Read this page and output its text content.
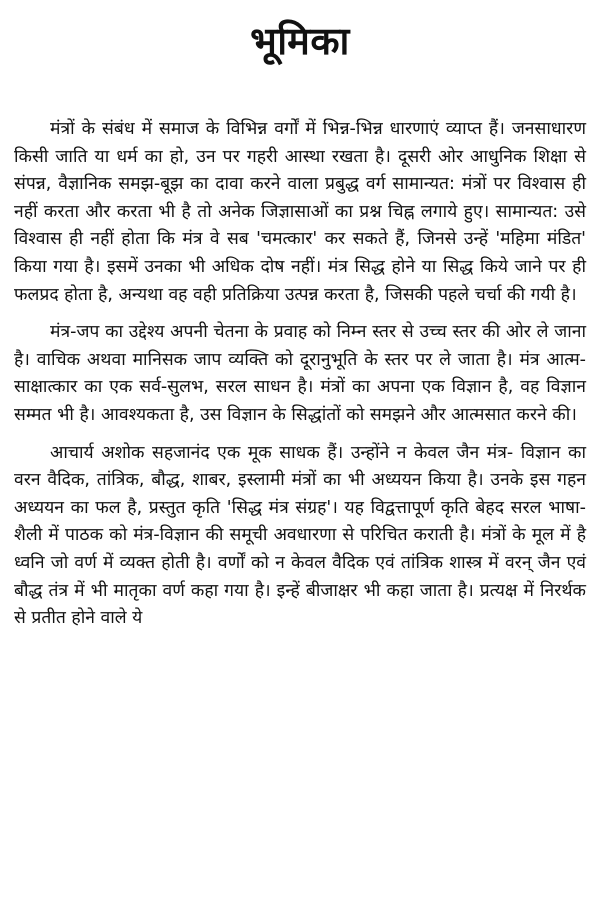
भूमिका

मंत्रों के संबंध में समाज के विभिन्न वर्गों में भिन्न-भिन्न धारणाएं व्याप्त हैं। जनसाधारण किसी जाति या धर्म का हो, उन पर गहरी आस्था रखता है। दूसरी ओर आधुनिक शिक्षा से संपन्न, वैज्ञानिक समझ-बूझ का दावा करने वाला प्रबुद्ध वर्ग सामान्यत: मंत्रों पर विश्वास ही नहीं करता और करता भी है तो अनेक जिज्ञासाओं का प्रश्न चिह्न लगाये हुए। सामान्यत: उसे विश्वास ही नहीं होता कि मंत्र वे सब 'चमत्कार' कर सकते हैं, जिनसे उन्हें 'महिमा मंडित' किया गया है। इसमें उनका भी अधिक दोष नहीं। मंत्र सिद्ध होने या सिद्ध किये जाने पर ही फलप्रद होता है, अन्यथा वह वही प्रतिक्रिया उत्पन्न करता है, जिसकी पहले चर्चा की गयी है।

मंत्र-जप का उद्देश्य अपनी चेतना के प्रवाह को निम्न स्तर से उच्च स्तर की ओर ले जाना है। वाचिक अथवा मानिसक जाप व्यक्ति को दूरानुभूति के स्तर पर ले जाता है। मंत्र आत्म-साक्षात्कार का एक सर्व-सुलभ, सरल साधन है। मंत्रों का अपना एक विज्ञान है, वह विज्ञान सम्मत भी है। आवश्यकता है, उस विज्ञान के सिद्धांतों को समझने और आत्मसात करने की।

आचार्य अशोक सहजानंद एक मूक साधक हैं। उन्होंने न केवल जैन मंत्र- विज्ञान का वरन वैदिक, तांत्रिक, बौद्ध, शाबर, इस्लामी मंत्रों का भी अध्ययन किया है। उनके इस गहन अध्ययन का फल है, प्रस्तुत कृति 'सिद्ध मंत्र संग्रह'। यह विद्वत्तापूर्ण कृति बेहद सरल भाषा-शैली में पाठक को मंत्र-विज्ञान की समूची अवधारणा से परिचित कराती है। मंत्रों के मूल में है ध्वनि जो वर्ण में व्यक्त होती है। वर्णों को न केवल वैदिक एवं तांत्रिक शास्त्र में वरन् जैन एवं बौद्ध तंत्र में भी मातृका वर्ण कहा गया है। इन्हें बीजाक्षर भी कहा जाता है। प्रत्यक्ष में निरर्थक से प्रतीत होने वाले ये
